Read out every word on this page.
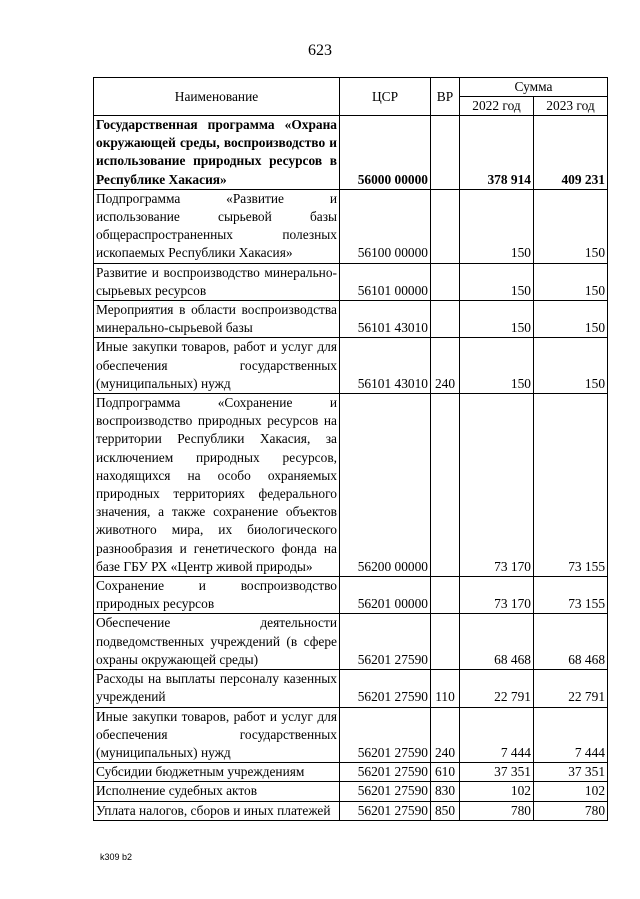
623
Наименование	ЦСР	ВР	Сумма	
			2022 год	2023 год
Государственная программа «Охрана окружающей среды, воспроизводство и использование природных ресурсов в Республике Хакасия»	56000 00000		378 914	409 231
Подпрограмма «Развитие и использование сырьевой базы общераспространенных полезных ископаемых Республики Хакасия»	56100 00000		150	150
Развитие и воспроизводство минерально-сырьевых ресурсов	56101 00000		150	150
Мероприятия в области воспроизводства минерально-сырьевой базы	56101 43010		150	150
Иные закупки товаров, работ и услуг для обеспечения государственных (муниципальных) нужд	56101 43010	240	150	150
Подпрограмма «Сохранение и воспроизводство природных ресурсов на территории Республики Хакасия, за исключением природных ресурсов, находящихся на особо охраняемых природных территориях федерального значения, а также сохранение объектов животного мира, их биологического разнообразия и генетического фонда на базе ГБУ РХ «Центр живой природы»	56200 00000		73 170	73 155
Сохранение и воспроизводство природных ресурсов	56201 00000		73 170	73 155
Обеспечение деятельности подведомственных учреждений (в сфере охраны окружающей среды)	56201 27590		68 468	68 468
Расходы на выплаты персоналу казенных учреждений	56201 27590	110	22 791	22 791
Иные закупки товаров, работ и услуг для обеспечения государственных (муниципальных) нужд	56201 27590	240	7 444	7 444
Субсидии бюджетным учреждениям	56201 27590	610	37 351	37 351
Исполнение судебных актов	56201 27590	830	102	102
Уплата налогов, сборов и иных платежей	56201 27590	850	780	780
k309 b2
